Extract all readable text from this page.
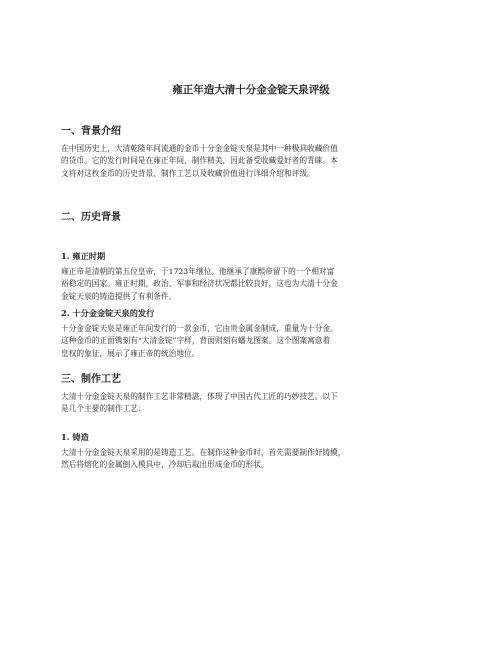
雍正年造大清十分金金锭天泉评级
一、背景介绍
在中国历史上，大清乾隆年间流通的金币十分金金锭天泉是其中一种极具收藏价值
的货币。它的发行时间是在雍正年间，制作精美，因此备受收藏爱好者的青睐。本
文将对这枚金币的历史背景、制作工艺以及收藏价值进行详细介绍和评级。
二、历史背景
1. 雍正时期
雍正帝是清朝的第五位皇帝，于1723年继位。他继承了康熙帝留下的一个相对富
裕稳定的国家。雍正时期，政治、军事和经济状况都比较良好，这也为大清十分金
金锭天泉的铸造提供了有利条件。
2. 十分金金锭天泉的发行
十分金金锭天泉是雍正年间发行的一款金币，它由贵金属金制成，重量为十分金。
这种金币的正面镌刻有“大清金锭”字样，背面则刻有蟠龙图案。这个图案寓意着
皇权的象征，展示了雍正帝的统治地位。
三、制作工艺
大清十分金金锭天泉的制作工艺非常精湛，体现了中国古代工匠的巧妙技艺。以下
是几个主要的制作工艺：
1. 铸造
大清十分金金锭天泉采用的是铸造工艺。在制作这种金币时，首先需要制作好铸模，
然后将熔化的金属倒入模具中，冷却后取出形成金币的形状。
